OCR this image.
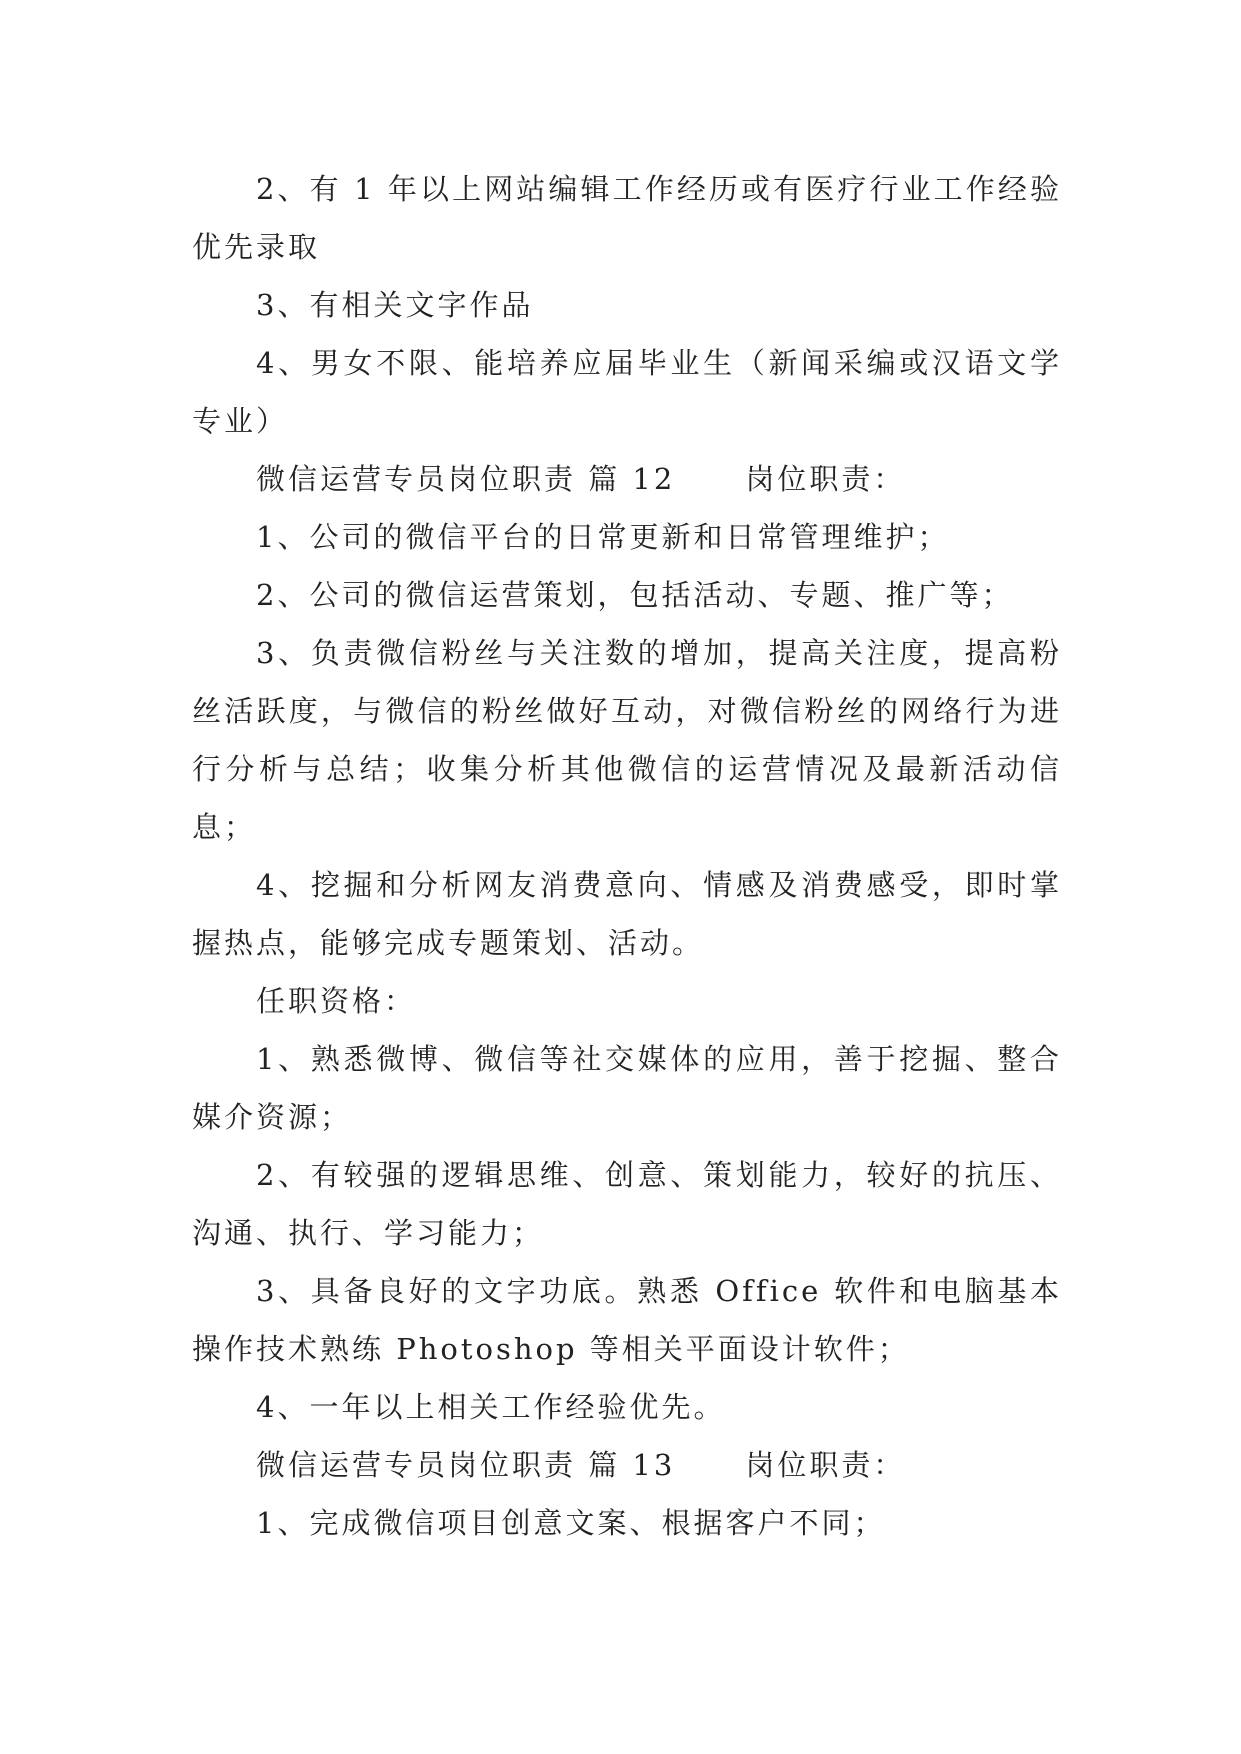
2、有 1 年以上网站编辑工作经历或有医疗行业工作经验优先录取

3、有相关文字作品

4、男女不限、能培养应届毕业生（新闻采编或汉语文学专业）

微信运营专员岗位职责 篇 12 岗位职责：

1、公司的微信平台的日常更新和日常管理维护；

2、公司的微信运营策划，包括活动、专题、推广等；

3、负责微信粉丝与关注数的增加，提高关注度，提高粉丝活跃度，与微信的粉丝做好互动，对微信粉丝的网络行为进行分析与总结；收集分析其他微信的运营情况及最新活动信息；

4、挖掘和分析网友消费意向、情感及消费感受，即时掌握热点，能够完成专题策划、活动。

任职资格：

1、熟悉微博、微信等社交媒体的应用，善于挖掘、整合媒介资源；

2、有较强的逻辑思维、创意、策划能力，较好的抗压、沟通、执行、学习能力；

3、具备良好的文字功底。熟悉 Office 软件和电脑基本操作技术熟练 Photoshop 等相关平面设计软件；

4、一年以上相关工作经验优先。

微信运营专员岗位职责 篇 13 岗位职责：

1、完成微信项目创意文案、根据客户不同；
